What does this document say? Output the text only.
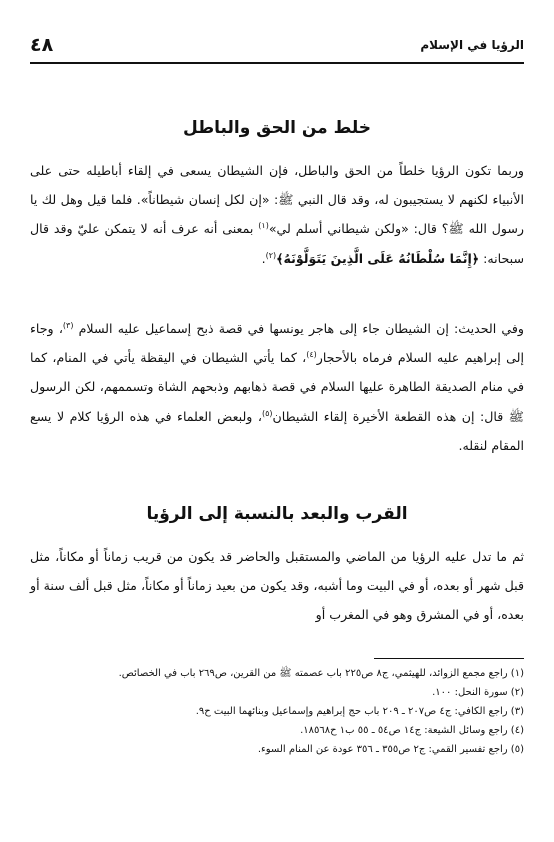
٤٨	الرؤيا في الإسلام
خلط من الحق والباطل

وربما تكون الرؤيا خلطاً من الحق والباطل، فإن الشيطان يسعى في إلقاء أباطيله حتى على الأنبياء لكنهم لا يستجيبون له، وقد قال النبي ﷺ: «إن لكل إنسان شيطاناً». فلما قيل وهل لك يا رسول الله ﷺ؟ قال: «ولكن شيطاني أسلم لي»$^{(١)}$ بمعنى أنه عرف أنه لا يتمكن عليّ وقد قال سبحانه: ﴿إِنَّمَا سُلْطَانُهُ عَلَى الَّذِينَ يَتَوَلَّوْنَهُ﴾$^{(٢)}$.

وفي الحديث: إن الشيطان جاء إلى هاجر يونسها في قصة ذبح إسماعيل عليه السلام $^{(٣)}$، وجاء إلى إبراهيم عليه السلام فرماه بالأحجار$^{(٤)}$، كما يأتي الشيطان في اليقظة يأتي في المنام، كما في منام الصديقة الطاهرة عليها السلام في قصة ذهابهم وذبحهم الشاة وتسممهم، لكن الرسول ﷺ قال: إن هذه القطعة الأخيرة إلقاء الشيطان$^{(٥)}$، ولبعض العلماء في هذه الرؤيا كلام لا يسع المقام لنقله.

القرب والبعد بالنسبة إلى الرؤيا

ثم ما تدل عليه الرؤيا من الماضي والمستقبل والحاضر قد يكون من قريب زماناً أو مكاناً، مثل قبل شهر أو بعده، أو في البيت وما أشبه، وقد يكون من بعيد زماناً أو مكاناً، مثل قبل ألف سنة أو بعده، أو في المشرق وهو في المغرب أو

(١) راجع مجمع الزوائد، للهيثمي، ج٨ ص٢٢٥ باب عصمته ﷺ من القرين، ص٢٦٩ باب في الخصائص.
(٢) سورة النحل: ١٠٠.
(٣) راجع الكافي: ج٤ ص٢٠٧ ـ ٢٠٩ باب حج إبراهيم وإسماعيل وبنائهما البيت ح٩.
(٤) راجع وسائل الشيعة: ج١٤ ص٥٤ ـ ٥٥ ب١ ح١٨٥٦٨.
(٥) راجع تفسير القمي: ج٢ ص٣٥٥ ـ ٣٥٦ عودة عن المنام السوء.
